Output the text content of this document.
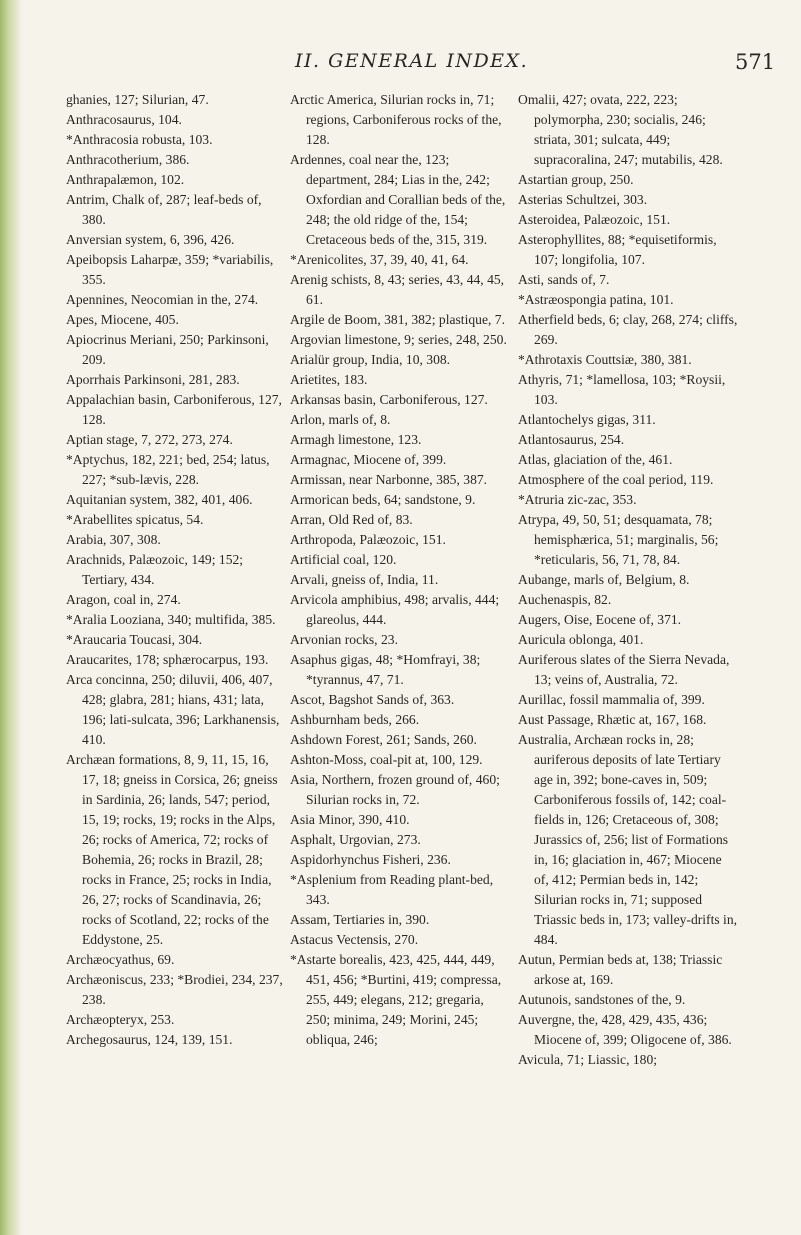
II. GENERAL INDEX.	571
ghanies, 127; Silurian, 47.
Anthracosaurus, 104.
*Anthracosia robusta, 103.
Anthracotherium, 386.
Anthrapalæmon, 102.
Antrim, Chalk of, 287; leaf-beds of, 380.
Anversian system, 6, 396, 426.
Apeibopsis Laharpæ, 359; *variabilis, 355.
Apennines, Neocomian in the, 274.
Apes, Miocene, 405.
Apiocrinus Meriani, 250; Parkinsoni, 209.
Aporrhais Parkinsoni, 281, 283.
Appalachian basin, Carboniferous, 127, 128.
Aptian stage, 7, 272, 273, 274.
*Aptychus, 182, 221; bed, 254; latus, 227; *sub-lævis, 228.
Aquitanian system, 382, 401, 406.
*Arabellites spicatus, 54.
Arabia, 307, 308.
Arachnids, Palæozoic, 149; 152; Tertiary, 434.
Aragon, coal in, 274.
*Aralia Looziana, 340; multifida, 385.
*Araucaria Toucasi, 304.
Araucarites, 178; sphærocarpus, 193.
Arca concinna, 250; diluvii, 406, 407, 428; glabra, 281; hians, 431; lata, 196; lati-sulcata, 396; Larkhanensis, 410.
Archæan formations, 8, 9, 11, 15, 16, 17, 18; gneiss in Corsica, 26; gneiss in Sardinia, 26; lands, 547; period, 15, 19; rocks, 19; rocks in the Alps, 26; rocks of America, 72; rocks of Bohemia, 26; rocks in Brazil, 28; rocks in France, 25; rocks in India, 26, 27; rocks of Scandinavia, 26; rocks of Scotland, 22; rocks of the Eddystone, 25.
Archæocyathus, 69.
Archæoniscus, 233; *Brodiei, 234, 237, 238.
Archæopteryx, 253.
Archegosaurus, 124, 139, 151.
Arctic America, Silurian rocks in, 71; regions, Carboniferous rocks of the, 128.
Ardennes, coal near the, 123; department, 284; Lias in the, 242; Oxfordian and Corallian beds of the, 248; the old ridge of the, 154; Cretaceous beds of the, 315, 319.
*Arenicolites, 37, 39, 40, 41, 64.
Arenig schists, 8, 43; series, 43, 44, 45, 61.
Argile de Boom, 381, 382; plastique, 7.
Argovian limestone, 9; series, 248, 250.
Arialür group, India, 10, 308.
Arietites, 183.
Arkansas basin, Carboniferous, 127.
Arlon, marls of, 8.
Armagh limestone, 123.
Armagnac, Miocene of, 399.
Armissan, near Narbonne, 385, 387.
Armorican beds, 64; sandstone, 9.
Arran, Old Red of, 83.
Arthropoda, Palæozoic, 151.
Artificial coal, 120.
Arvali, gneiss of, India, 11.
Arvicola amphibius, 498; arvalis, 444; glareolus, 444.
Arvonian rocks, 23.
Asaphus gigas, 48; *Homfrayi, 38; *tyrannus, 47, 71.
Ascot, Bagshot Sands of, 363.
Ashburnham beds, 266.
Ashdown Forest, 261; Sands, 260.
Ashton-Moss, coal-pit at, 100, 129.
Asia, Northern, frozen ground of, 460; Silurian rocks in, 72.
Asia Minor, 390, 410.
Asphalt, Urgovian, 273.
Aspidorhynchus Fisheri, 236.
*Asplenium from Reading plant-bed, 343.
Assam, Tertiaries in, 390.
Astacus Vectensis, 270.
*Astarte borealis, 423, 425, 444, 449, 451, 456; *Burtini, 419; compressa, 255, 449; elegans, 212; gregaria, 250; minima, 249; Morini, 245; obliqua, 246;
Omalii, 427; ovata, 222, 223; polymorpha, 230; socialis, 246; striata, 301; sulcata, 449; supracoralina, 247; mutabilis, 428.
Astartian group, 250.
Asterias Schultzei, 303.
Asteroidea, Palæozoic, 151.
Asterophyllites, 88; *equisetiformis, 107; longifolia, 107.
Asti, sands of, 7.
*Astræospongia patina, 101.
Atherfield beds, 6; clay, 268, 274; cliffs, 269.
*Athrotaxis Couttsiæ, 380, 381.
Athyris, 71; *lamellosa, 103; *Roysii, 103.
Atlantochelys gigas, 311.
Atlantosaurus, 254.
Atlas, glaciation of the, 461.
Atmosphere of the coal period, 119.
*Atruria zic-zac, 353.
Atrypa, 49, 50, 51; desquamata, 78; hemisphærica, 51; marginalis, 56; *reticularis, 56, 71, 78, 84.
Aubange, marls of, Belgium, 8.
Auchenaspis, 82.
Augers, Oise, Eocene of, 371.
Auricula oblonga, 401.
Auriferous slates of the Sierra Nevada, 13; veins of, Australia, 72.
Aurillac, fossil mammalia of, 399.
Aust Passage, Rhætic at, 167, 168.
Australia, Archæan rocks in, 28; auriferous deposits of late Tertiary age in, 392; bone-caves in, 509; Carboniferous fossils of, 142; coal-fields in, 126; Cretaceous of, 308; Jurassics of, 256; list of Formations in, 16; glaciation in, 467; Miocene of, 412; Permian beds in, 142; Silurian rocks in, 71; supposed Triassic beds in, 173; valley-drifts in, 484.
Autun, Permian beds at, 138; Triassic arkose at, 169.
Autunois, sandstones of the, 9.
Auvergne, the, 428, 429, 435, 436; Miocene of, 399; Oligocene of, 386.
Avicula, 71; Liassic, 180;
